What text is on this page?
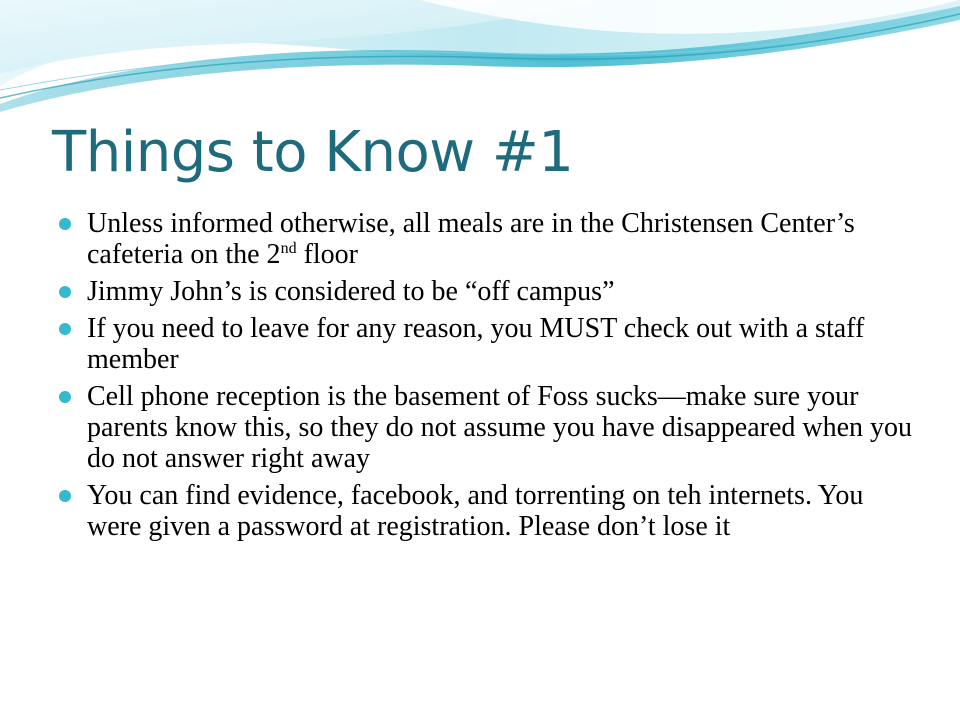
Things to Know #1
Unless informed otherwise, all meals are in the Christensen Center’s cafeteria on the 2nd floor
Jimmy John’s is considered to be “off campus”
If you need to leave for any reason, you MUST check out with a staff member
Cell phone reception is the basement of Foss sucks—make sure your parents know this, so they do not assume you have disappeared when you do not answer right away
You can find evidence, facebook, and torrenting on teh internets. You were given a password at registration. Please don’t lose it
